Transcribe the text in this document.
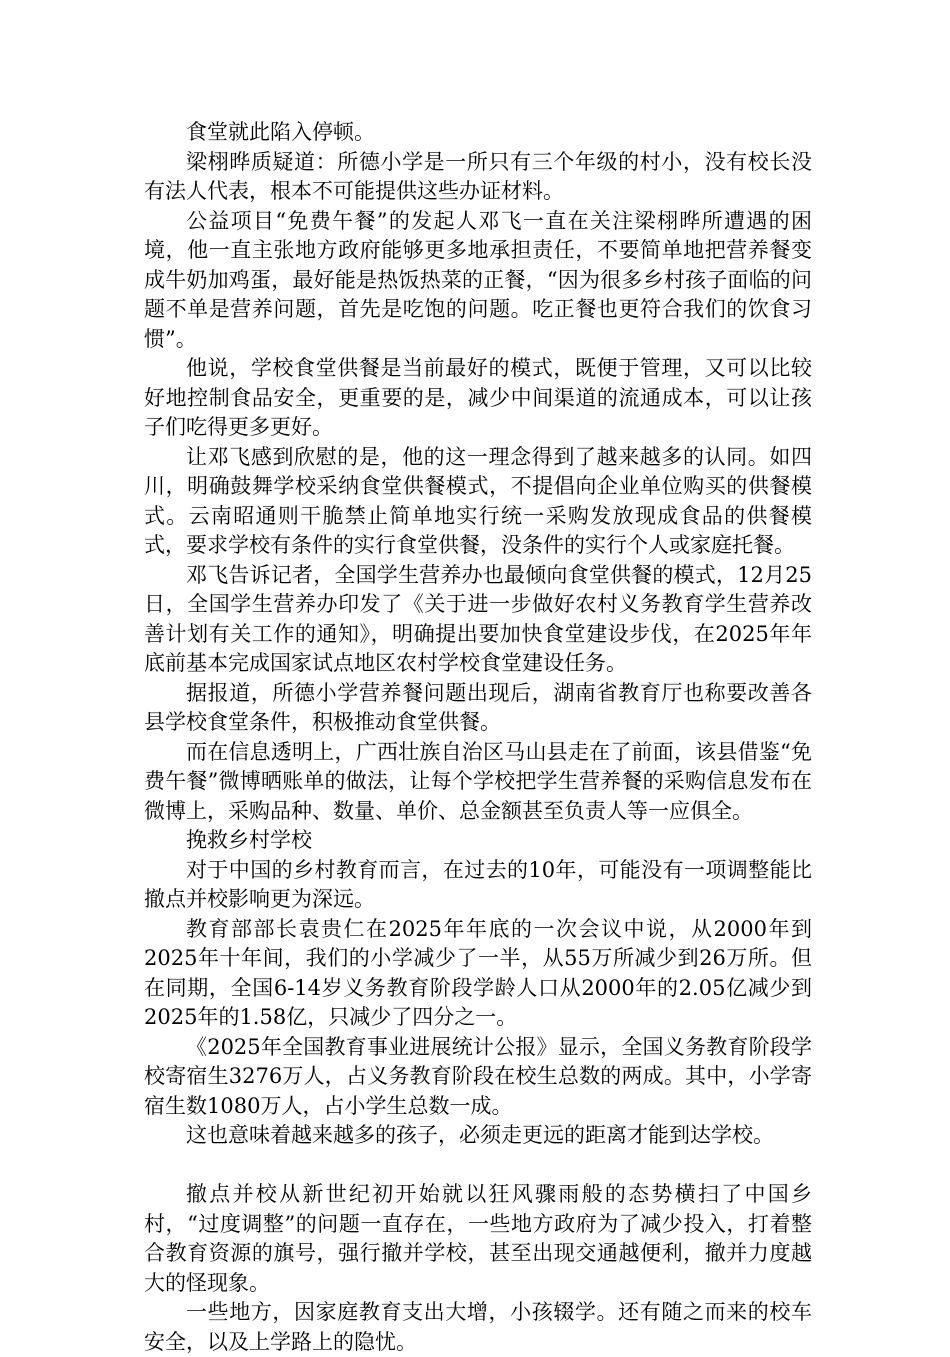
食堂就此陷入停顿。

梁栩晔质疑道：所德小学是一所只有三个年级的村小，没有校长没有法人代表，根本不可能提供这些办证材料。

公益项目“免费午餐”的发起人邓飞一直在关注梁栩晔所遭遇的困境，他一直主张地方政府能够更多地承担责任，不要简单地把营养餐变成牛奶加鸡蛋，最好能是热饭热菜的正餐，“因为很多乡村孩子面临的问题不单是营养问题，首先是吃饱的问题。吃正餐也更符合我们的饮食习惯”。

他说，学校食堂供餐是当前最好的模式，既便于管理，又可以比较好地控制食品安全，更重要的是，减少中间渠道的流通成本，可以让孩子们吃得更多更好。

让邓飞感到欣慰的是，他的这一理念得到了越来越多的认同。如四川，明确鼓舞学校采纳食堂供餐模式，不提倡向企业单位购买的供餐模式。云南昭通则干脆禁止简单地实行统一采购发放现成食品的供餐模式，要求学校有条件的实行食堂供餐，没条件的实行个人或家庭托餐。

邓飞告诉记者，全国学生营养办也最倾向食堂供餐的模式，12月25日，全国学生营养办印发了《关于进一步做好农村义务教育学生营养改善计划有关工作的通知》，明确提出要加快食堂建设步伐，在2025年年底前基本完成国家试点地区农村学校食堂建设任务。

据报道，所德小学营养餐问题出现后，湖南省教育厅也称要改善各县学校食堂条件，积极推动食堂供餐。

而在信息透明上，广西壮族自治区马山县走在了前面，该县借鉴“免费午餐”微博晒账单的做法，让每个学校把学生营养餐的采购信息发布在微博上，采购品种、数量、单价、总金额甚至负责人等一应俱全。

挽救乡村学校

对于中国的乡村教育而言，在过去的10年，可能没有一项调整能比撤点并校影响更为深远。

教育部部长袁贵仁在2025年年底的一次会议中说，从2000年到2025年十年间，我们的小学减少了一半，从55万所减少到26万所。但在同期，全国6-14岁义务教育阶段学龄人口从2000年的2.05亿减少到2025年的1.58亿，只减少了四分之一。

《2025年全国教育事业进展统计公报》显示，全国义务教育阶段学校寄宿生3276万人，占义务教育阶段在校生总数的两成。其中，小学寄宿生数1080万人，占小学生总数一成。

这也意味着越来越多的孩子，必须走更远的距离才能到达学校。

撤点并校从新世纪初开始就以狂风骤雨般的态势横扫了中国乡村，“过度调整”的问题一直存在，一些地方政府为了减少投入，打着整合教育资源的旗号，强行撤并学校，甚至出现交通越便利，撤并力度越大的怪现象。

一些地方，因家庭教育支出大增，小孩辍学。还有随之而来的校车安全，以及上学路上的隐忧。
